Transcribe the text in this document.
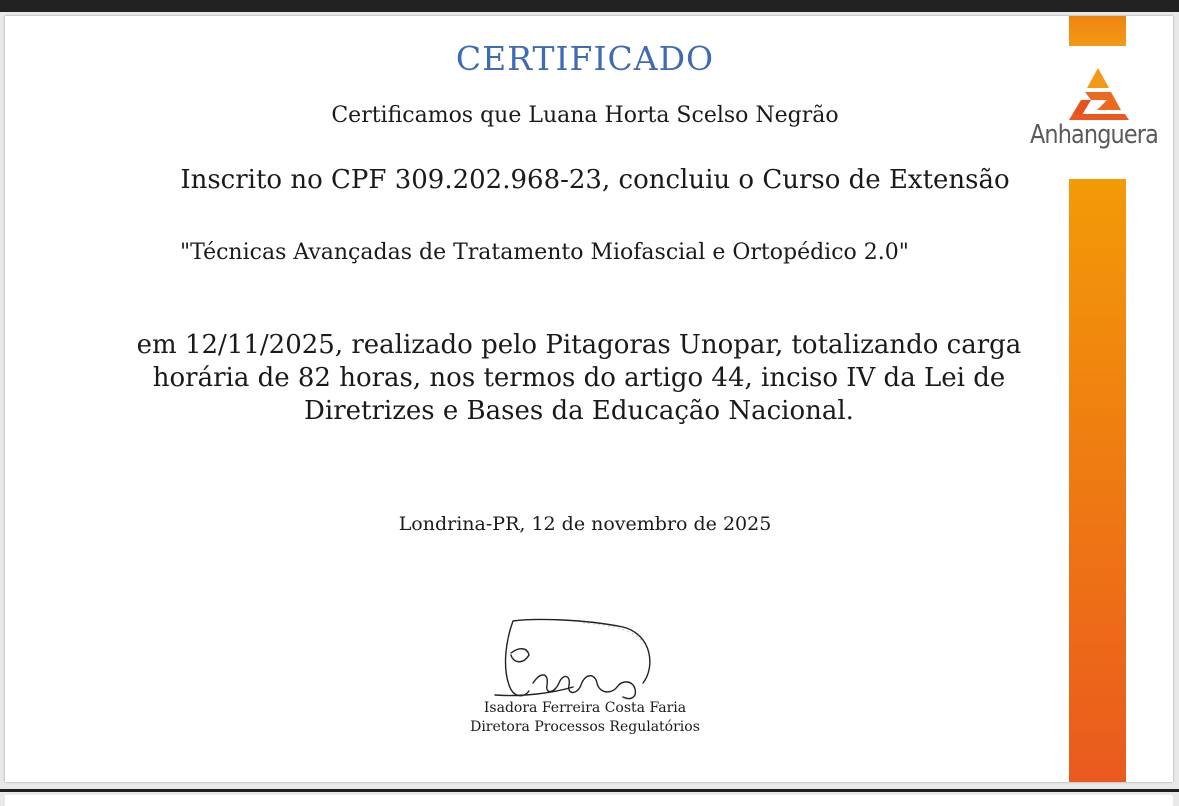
CERTIFICADO
Certificamos que Luana Horta Scelso Negrão
Inscrito no CPF 309.202.968-23, concluiu o Curso de Extensão
"Técnicas Avançadas de Tratamento Miofascial e Ortopédico 2.0"
em 12/11/2025, realizado pelo Pitagoras Unopar, totalizando carga horária de 82 horas, nos termos do artigo 44, inciso IV da Lei de Diretrizes e Bases da Educação Nacional.
Londrina-PR, 12 de novembro de 2025
Isadora Ferreira Costa Faria
Diretora Processos Regulatórios
Anhanguera
